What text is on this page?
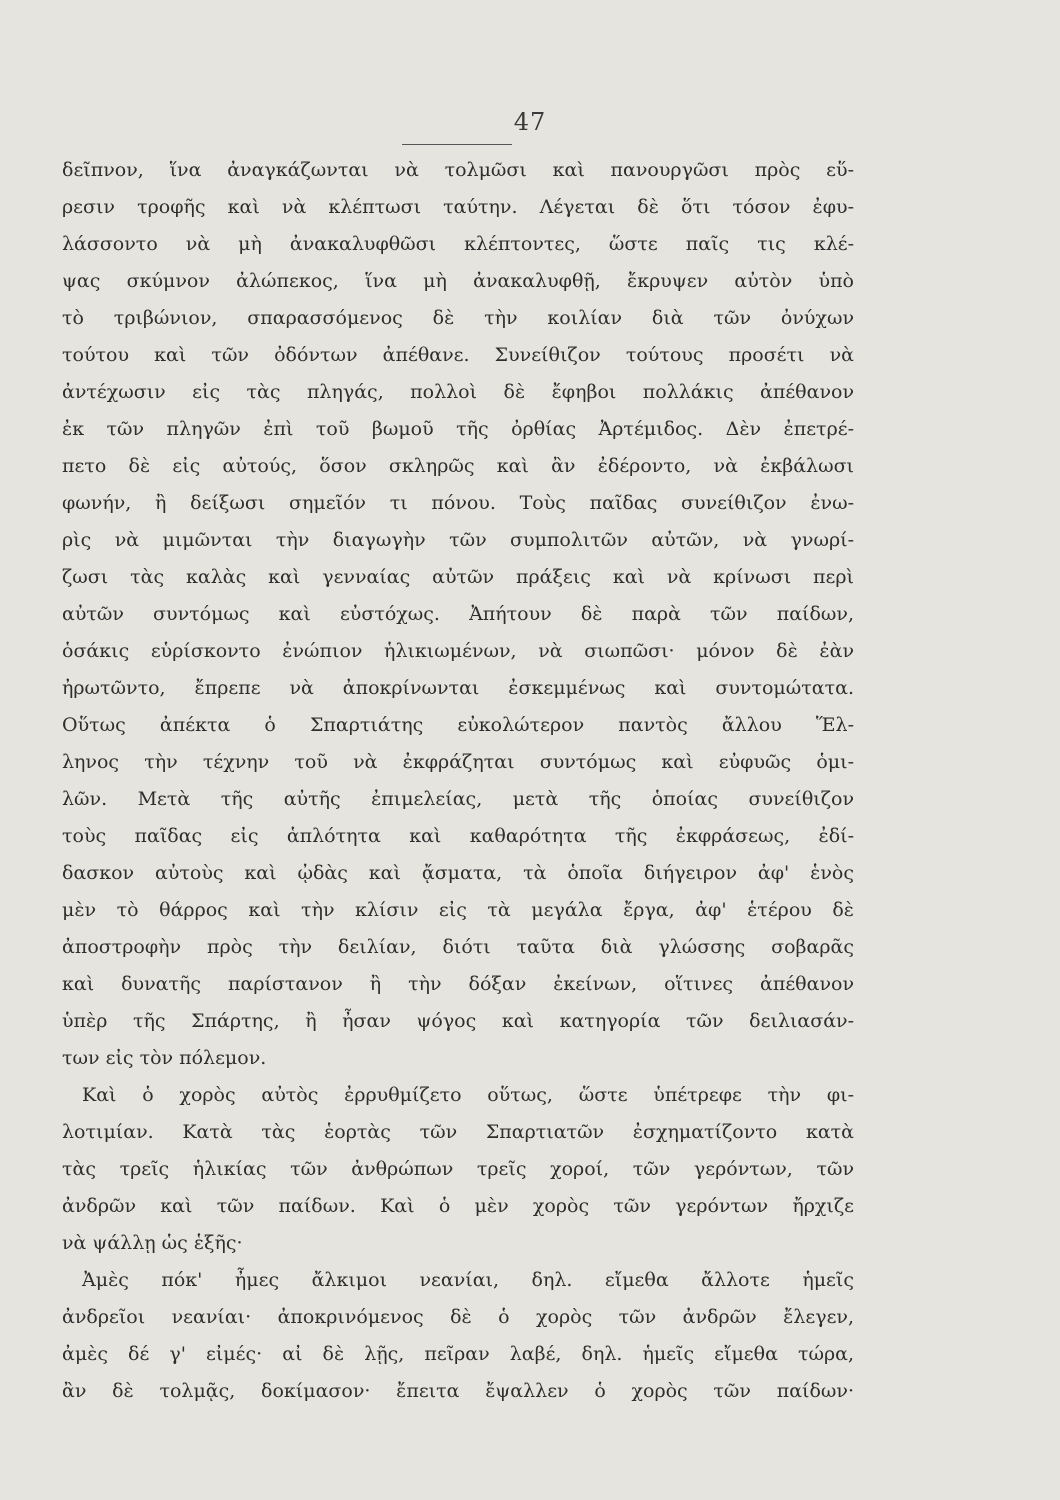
47
δεῖπνον, ἵνα ἀναγκάζωνται νὰ τολμῶσι καὶ πανουργῶσι πρὸς εὕ-
ρεσιν τροφῆς καὶ νὰ κλέπτωσι ταύτην. Λέγεται δὲ ὅτι τόσον ἐφυ-
λάσσοντο νὰ μὴ ἀνακαλυφθῶσι κλέπτοντες, ὥστε παῖς τις κλέ-
ψας σκύμνον ἀλώπεκος, ἵνα μὴ ἀνακαλυφθῇ, ἔκρυψεν αὐτὸν ὑπὸ
τὸ τριβώνιον, σπαρασσόμενος δὲ τὴν κοιλίαν διὰ τῶν ὀνύχων
τούτου καὶ τῶν ὀδόντων ἀπέθανε. Συνείθιζον τούτους προσέτι νὰ
ἀντέχωσιν εἰς τὰς πληγάς, πολλοὶ δὲ ἔφηβοι πολλάκις ἀπέθανον
ἐκ τῶν πληγῶν ἐπὶ τοῦ βωμοῦ τῆς ὀρθίας Ἀρτέμιδος. Δὲν ἐπετρέ-
πετο δὲ εἰς αὐτούς, ὅσον σκληρῶς καὶ ἂν ἐδέροντο, νὰ ἐκβάλωσι
φωνήν, ἢ δείξωσι σημεῖόν τι πόνου. Τοὺς παῖδας συνείθιζον ἐνω-
ρὶς νὰ μιμῶνται τὴν διαγωγὴν τῶν συμπολιτῶν αὐτῶν, νὰ γνωρί-
ζωσι τὰς καλὰς καὶ γενναίας αὐτῶν πράξεις καὶ νὰ κρίνωσι περὶ
αὐτῶν συντόμως καὶ εὐστόχως. Ἀπήτουν δὲ παρὰ τῶν παίδων,
ὁσάκις εὑρίσκοντο ἐνώπιον ἡλικιωμένων, νὰ σιωπῶσι· μόνον δὲ ἐὰν
ἠρωτῶντο, ἔπρεπε νὰ ἀποκρίνωνται ἐσκεμμένως καὶ συντομώτατα.
Οὕτως ἀπέκτα ὁ Σπαρτιάτης εὐκολώτερον παντὸς ἄλλου Ἕλ-
ληνος τὴν τέχνην τοῦ νὰ ἐκφράζηται συντόμως καὶ εὐφυῶς ὁμι-
λῶν. Μετὰ τῆς αὐτῆς ἐπιμελείας, μετὰ τῆς ὁποίας συνείθιζον
τοὺς παῖδας εἰς ἁπλότητα καὶ καθαρότητα τῆς ἐκφράσεως, ἐδί-
δασκον αὐτοὺς καὶ ᾠδὰς καὶ ᾄσματα, τὰ ὁποῖα διήγειρον ἀφ' ἑνὸς
μὲν τὸ θάρρος καὶ τὴν κλίσιν εἰς τὰ μεγάλα ἔργα, ἀφ' ἑτέρου δὲ
ἀποστροφὴν πρὸς τὴν δειλίαν, διότι ταῦτα διὰ γλώσσης σοβαρᾶς
καὶ δυνατῆς παρίστανον ἢ τὴν δόξαν ἐκείνων, οἵτινες ἀπέθανον
ὑπὲρ τῆς Σπάρτης, ἢ ἦσαν ψόγος καὶ κατηγορία τῶν δειλιασάν-
των εἰς τὸν πόλεμον.
Καὶ ὁ χορὸς αὐτὸς ἐρρυθμίζετο οὕτως, ὥστε ὑπέτρεφε τὴν φι-
λοτιμίαν. Κατὰ τὰς ἑορτὰς τῶν Σπαρτιατῶν ἐσχηματίζοντο κατὰ
τὰς τρεῖς ἡλικίας τῶν ἀνθρώπων τρεῖς χοροί, τῶν γερόντων, τῶν
ἀνδρῶν καὶ τῶν παίδων. Καὶ ὁ μὲν χορὸς τῶν γερόντων ἤρχιζε
νὰ ψάλλῃ ὡς ἑξῆς·
Ἀμὲς πόκ' ἦμες ἄλκιμοι νεανίαι, δηλ. εἴμεθα ἄλλοτε ἡμεῖς
ἀνδρεῖοι νεανίαι· ἀποκρινόμενος δὲ ὁ χορὸς τῶν ἀνδρῶν ἔλεγεν,
ἀμὲς δέ γ' εἰμές· αἰ δὲ λῇς, πεῖραν λαβέ, δηλ. ἡμεῖς εἴμεθα τώρα,
ἂν δὲ τολμᾷς, δοκίμασον· ἔπειτα ἔψαλλεν ὁ χορὸς τῶν παίδων·
